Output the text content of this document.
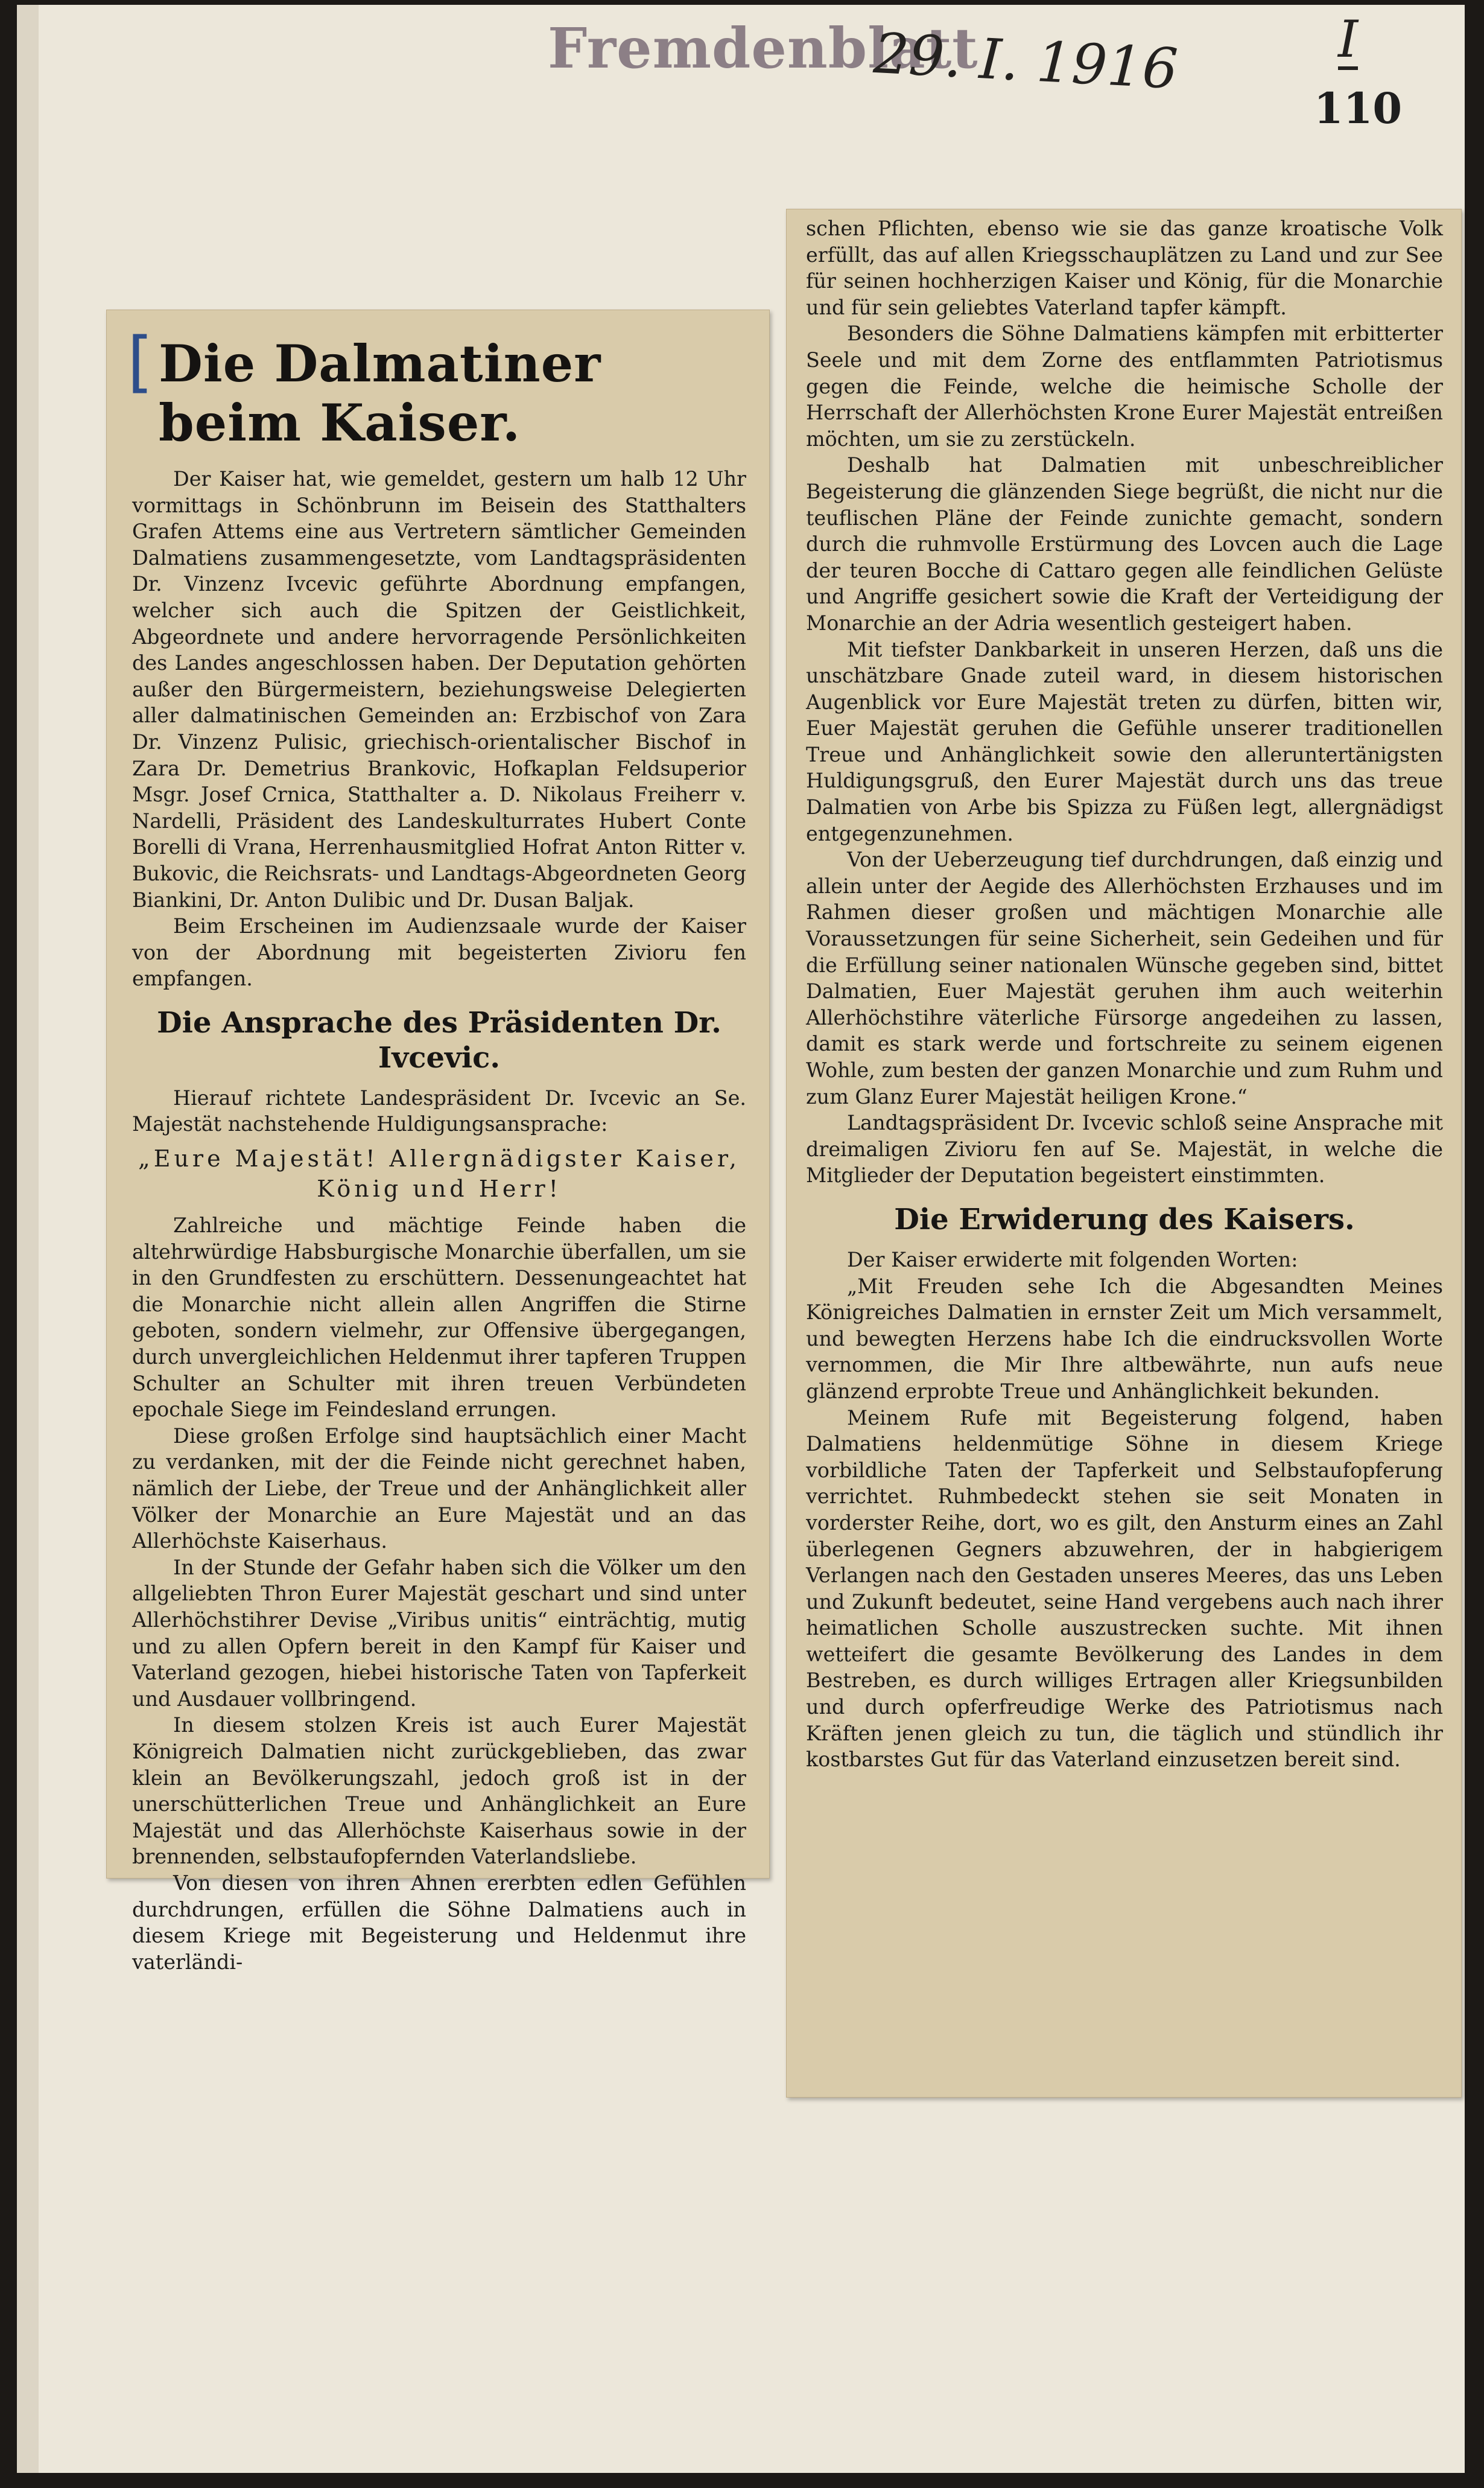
Fremdenblatt
29. I. 1916	I
110
[ Die Dalmatiner beim Kaiser.

Der Kaiser hat, wie gemeldet, gestern um halb 12 Uhr vormittags in Schönbrunn im Beisein des Statthalters Grafen Attems eine aus Vertretern sämtlicher Gemeinden Dalmatiens zusammengesetzte, vom Landtagspräsidenten Dr. Vinzenz Ivcevic geführte Abordnung empfangen, welcher sich auch die Spitzen der Geistlichkeit, Abgeordnete und andere hervorragende Persönlichkeiten des Landes angeschlossen haben. Der Deputation gehörten außer den Bürgermeistern, beziehungsweise Delegierten aller dalmatinischen Gemeinden an: Erzbischof von Zara Dr. Vinzenz Pulisic, griechisch-orientalischer Bischof in Zara Dr. Demetrius Brankovic, Hofkaplan Feldsuperior Msgr. Josef Crnica, Statthalter a. D. Nikolaus Freiherr v. Nardelli, Präsident des Landeskulturrates Hubert Conte Borelli di Vrana, Herrenhausmitglied Hofrat Anton Ritter v. Bukovic, die Reichsrats- und Landtags-Abgeordneten Georg Biankini, Dr. Anton Dulibic und Dr. Dusan Baljak.

Beim Erscheinen im Audienzsaale wurde der Kaiser von der Abordnung mit begeisterten Zivioru fen empfangen.

Die Ansprache des Präsidenten Dr. Ivcevic.

Hierauf richtete Landespräsident Dr. Ivcevic an Se. Majestät nachstehende Huldigungsansprache:

„Eure Majestät! Allergnädigster Kaiser, König und Herr!

Zahlreiche und mächtige Feinde haben die altehrwürdige Habsburgische Monarchie überfallen, um sie in den Grundfesten zu erschüttern. Dessenungeachtet hat die Monarchie nicht allein allen Angriffen die Stirne geboten, sondern vielmehr, zur Offensive übergegangen, durch unvergleichlichen Heldenmut ihrer tapferen Truppen Schulter an Schulter mit ihren treuen Verbündeten epochale Siege im Feindesland errungen.

Diese großen Erfolge sind hauptsächlich einer Macht zu verdanken, mit der die Feinde nicht gerechnet haben, nämlich der Liebe, der Treue und der Anhänglichkeit aller Völker der Monarchie an Eure Majestät und an das Allerhöchste Kaiserhaus.

In der Stunde der Gefahr haben sich die Völker um den allgeliebten Thron Eurer Majestät geschart und sind unter Allerhöchstihrer Devise „Viribus unitis“ einträchtig, mutig und zu allen Opfern bereit in den Kampf für Kaiser und Vaterland gezogen, hiebei historische Taten von Tapferkeit und Ausdauer vollbringend.

In diesem stolzen Kreis ist auch Eurer Majestät Königreich Dalmatien nicht zurückgeblieben, das zwar klein an Bevölkerungszahl, jedoch groß ist in der unerschütterlichen Treue und Anhänglichkeit an Eure Majestät und das Allerhöchste Kaiserhaus sowie in der brennenden, selbstaufopfernden Vaterlandsliebe.

Von diesen von ihren Ahnen ererbten edlen Gefühlen durchdrungen, erfüllen die Söhne Dalmatiens auch in diesem Kriege mit Begeisterung und Heldenmut ihre vaterländi-

schen Pflichten, ebenso wie sie das ganze kroatische Volk erfüllt, das auf allen Kriegsschauplätzen zu Land und zur See für seinen hochherzigen Kaiser und König, für die Monarchie und für sein geliebtes Vaterland tapfer kämpft.

Besonders die Söhne Dalmatiens kämpfen mit erbitterter Seele und mit dem Zorne des entflammten Patriotismus gegen die Feinde, welche die heimische Scholle der Herrschaft der Allerhöchsten Krone Eurer Majestät entreißen möchten, um sie zu zerstückeln.

Deshalb hat Dalmatien mit unbeschreiblicher Begeisterung die glänzenden Siege begrüßt, die nicht nur die teuflischen Pläne der Feinde zunichte gemacht, sondern durch die ruhmvolle Erstürmung des Lovcen auch die Lage der teuren Bocche di Cattaro gegen alle feindlichen Gelüste und Angriffe gesichert sowie die Kraft der Verteidigung der Monarchie an der Adria wesentlich gesteigert haben.

Mit tiefster Dankbarkeit in unseren Herzen, daß uns die unschätzbare Gnade zuteil ward, in diesem historischen Augenblick vor Eure Majestät treten zu dürfen, bitten wir, Euer Majestät geruhen die Gefühle unserer traditionellen Treue und Anhänglichkeit sowie den alleruntertänigsten Huldigungsgruß, den Eurer Majestät durch uns das treue Dalmatien von Arbe bis Spizza zu Füßen legt, allergnädigst entgegenzunehmen.

Von der Ueberzeugung tief durchdrungen, daß einzig und allein unter der Aegide des Allerhöchsten Erzhauses und im Rahmen dieser großen und mächtigen Monarchie alle Voraussetzungen für seine Sicherheit, sein Gedeihen und für die Erfüllung seiner nationalen Wünsche gegeben sind, bittet Dalmatien, Euer Majestät geruhen ihm auch weiterhin Allerhöchstihre väterliche Fürsorge angedeihen zu lassen, damit es stark werde und fortschreite zu seinem eigenen Wohle, zum besten der ganzen Monarchie und zum Ruhm und zum Glanz Eurer Majestät heiligen Krone.“

Landtagspräsident Dr. Ivcevic schloß seine Ansprache mit dreimaligen Zivioru fen auf Se. Majestät, in welche die Mitglieder der Deputation begeistert einstimmten.

Die Erwiderung des Kaisers.

Der Kaiser erwiderte mit folgenden Worten:

„Mit Freuden sehe Ich die Abgesandten Meines Königreiches Dalmatien in ernster Zeit um Mich versammelt, und bewegten Herzens habe Ich die eindrucksvollen Worte vernommen, die Mir Ihre altbewährte, nun aufs neue glänzend erprobte Treue und Anhänglichkeit bekunden.

Meinem Rufe mit Begeisterung folgend, haben Dalmatiens heldenmütige Söhne in diesem Kriege vorbildliche Taten der Tapferkeit und Selbstaufopferung verrichtet. Ruhmbedeckt stehen sie seit Monaten in vorderster Reihe, dort, wo es gilt, den Ansturm eines an Zahl überlegenen Gegners abzuwehren, der in habgierigem Verlangen nach den Gestaden unseres Meeres, das uns Leben und Zukunft bedeutet, seine Hand vergebens auch nach ihrer heimatlichen Scholle auszustrecken suchte. Mit ihnen wetteifert die gesamte Bevölkerung des Landes in dem Bestreben, es durch williges Ertragen aller Kriegsunbilden und durch opferfreudige Werke des Patriotismus nach Kräften jenen gleich zu tun, die täglich und stündlich ihr kostbarstes Gut für das Vaterland einzusetzen bereit sind.
